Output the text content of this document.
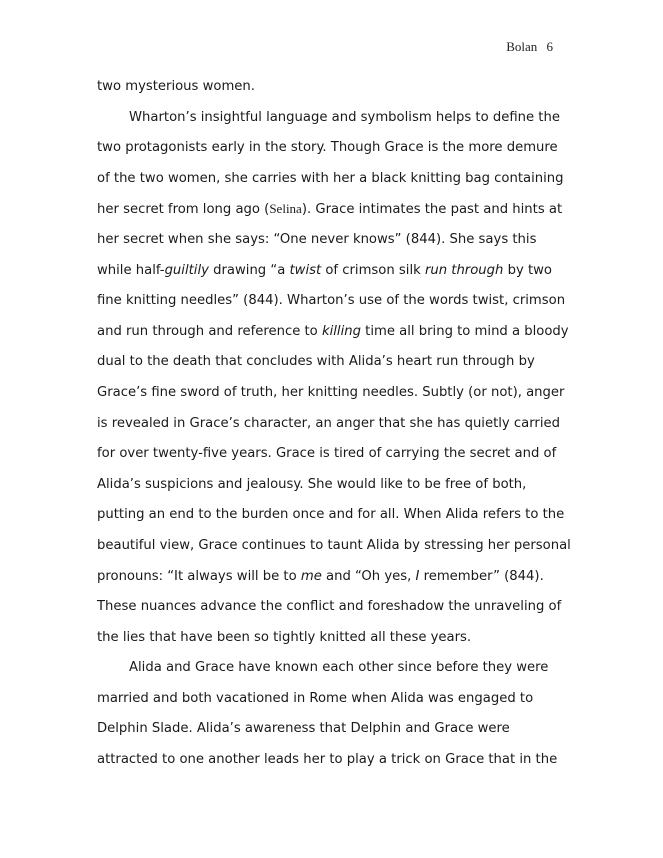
Bolan 6
two mysterious women.
Wharton’s insightful language and symbolism helps to define the
two protagonists early in the story. Though Grace is the more demure
of the two women, she carries with her a black knitting bag containing
her secret from long ago (Selina). Grace intimates the past and hints at
her secret when she says: “One never knows” (844). She says this
while half-guiltily drawing “a twist of crimson silk run through by two
fine knitting needles” (844). Wharton’s use of the words twist, crimson
and run through and reference to killing time all bring to mind a bloody
dual to the death that concludes with Alida’s heart run through by
Grace’s fine sword of truth, her knitting needles. Subtly (or not), anger
is revealed in Grace’s character, an anger that she has quietly carried
for over twenty-five years. Grace is tired of carrying the secret and of
Alida’s suspicions and jealousy. She would like to be free of both,
putting an end to the burden once and for all. When Alida refers to the
beautiful view, Grace continues to taunt Alida by stressing her personal
pronouns: “It always will be to me and “Oh yes, I remember” (844).
These nuances advance the conflict and foreshadow the unraveling of
the lies that have been so tightly knitted all these years.
Alida and Grace have known each other since before they were
married and both vacationed in Rome when Alida was engaged to
Delphin Slade. Alida’s awareness that Delphin and Grace were
attracted to one another leads her to play a trick on Grace that in the
